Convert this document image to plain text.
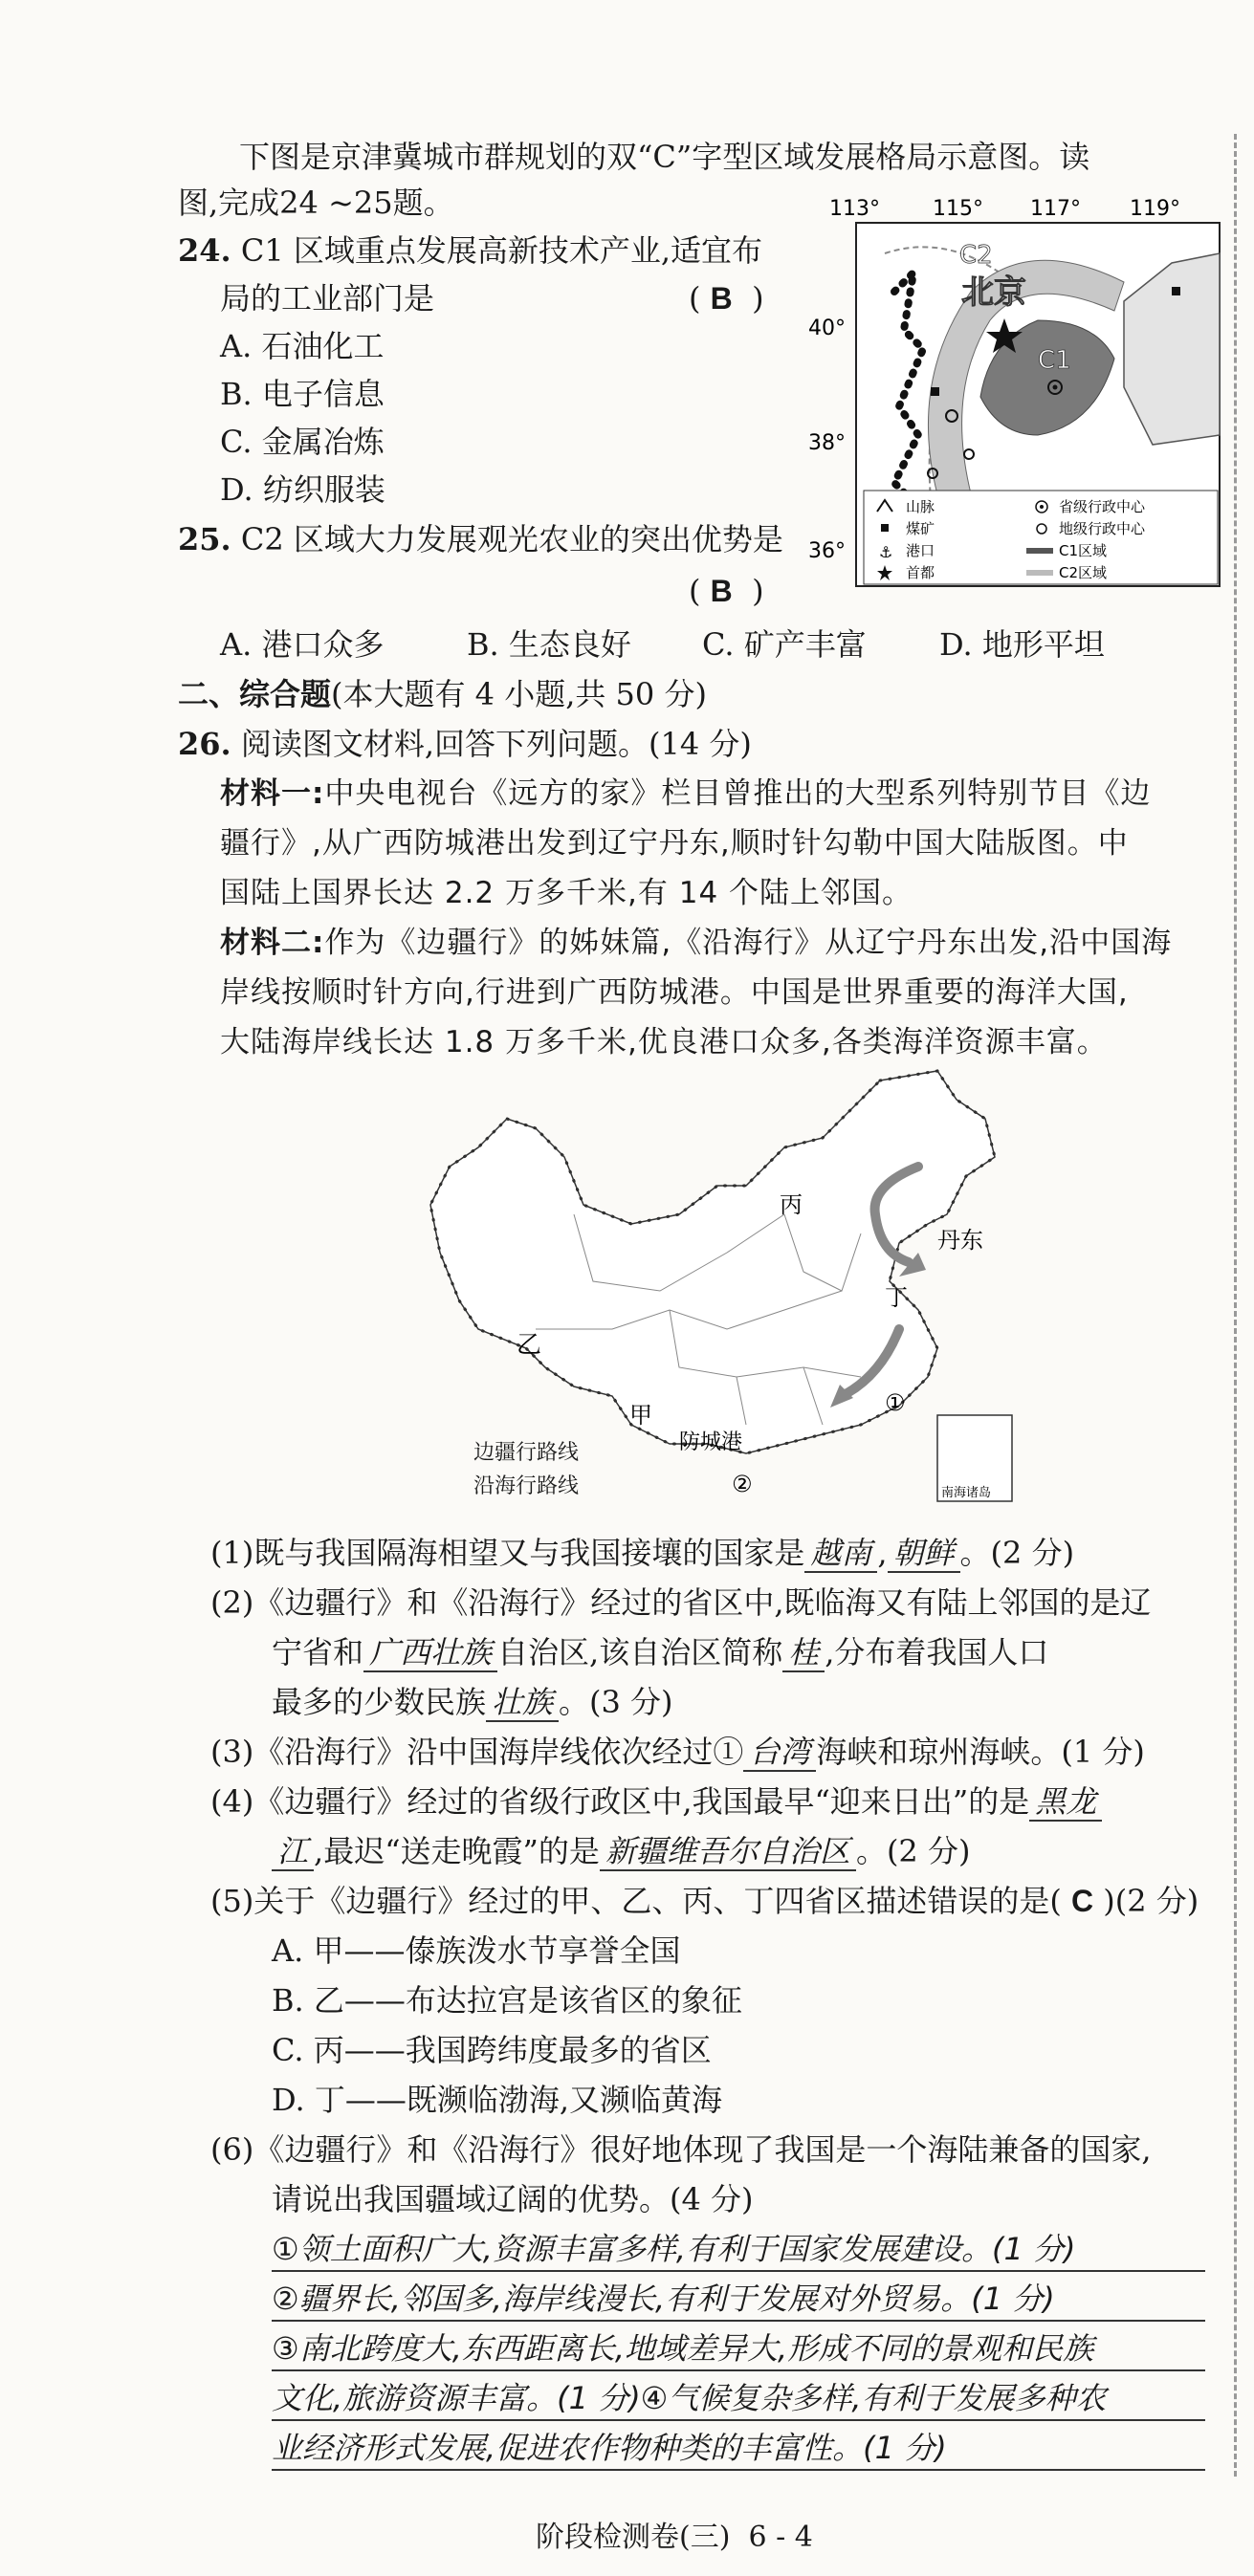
下图是京津冀城市群规划的双“C”字型区域发展格局示意图。读
图,完成24 ~25题。	113°	115° 117° 119°
40°
38°
36°
北京
C2
C1
山脉	省级行政中心
煤矿	地级行政中心
港口	C1区域
首都	C2区域
⚓
24. C1 区域重点发展高新技术产业,适宜布
局的工业部门是	( B  )
A. 石油化工
B. 电子信息
C. 金属冶炼
D. 纺织服装
25. C2 区域大力发展观光农业的突出优势是
( B  )
A. 港口众多	B. 生态良好 C. 矿产丰富 D. 地形平坦
二、综合题(本大题有 4 小题,共 50 分)
26. 阅读图文材料,回答下列问题。(14 分)
材料一:中央电视台《远方的家》栏目曾推出的大型系列特别节目《边
疆行》,从广西防城港出发到辽宁丹东,顺时针勾勒中国大陆版图。中
国陆上国界长达 2.2 万多千米,有 14 个陆上邻国。
材料二:作为《边疆行》的姊妹篇,《沿海行》从辽宁丹东出发,沿中国海
岸线按顺时针方向,行进到广西防城港。中国是世界重要的海洋大国,
大陆海岸线长达 1.8 万多千米,优良港口众多,各类海洋资源丰富。
丙
丹东
乙
丁
甲
防城港
①
②	南海诸岛
边疆行路线
沿海行路线
(1)既与我国隔海相望又与我国接壤的国家是 越南 , 朝鲜 。(2 分)
(2)《边疆行》和《沿海行》经过的省区中,既临海又有陆上邻国的是辽
宁省和 广西壮族 自治区,该自治区简称 桂 ,分布着我国人口
最多的少数民族 壮族 。(3 分)
(3)《沿海行》沿中国海岸线依次经过① 台湾 海峡和琼州海峡。(1 分)
(4)《边疆行》经过的省级行政区中,我国最早“迎来日出”的是 黑龙
江 ,最迟“送走晚霞”的是 新疆维吾尔自治区 。(2 分)
(5)关于《边疆行》经过的甲、乙、丙、丁四省区描述错误的是( C )(2 分)
A. 甲——傣族泼水节享誉全国
B. 乙——布达拉宫是该省区的象征
C. 丙——我国跨纬度最多的省区
D. 丁——既濒临渤海,又濒临黄海
(6)《边疆行》和《沿海行》很好地体现了我国是一个海陆兼备的国家,
请说出我国疆域辽阔的优势。(4 分)
①领土面积广大,资源丰富多样,有利于国家发展建设。(1 分)
②疆界长,邻国多,海岸线漫长,有利于发展对外贸易。(1 分)
③南北跨度大,东西距离长,地域差异大,形成不同的景观和民族
文化,旅游资源丰富。(1 分)④气候复杂多样,有利于发展多种农
业经济形式发展,促进农作物种类的丰富性。(1 分)
阶段检测卷(三) 6 - 4
